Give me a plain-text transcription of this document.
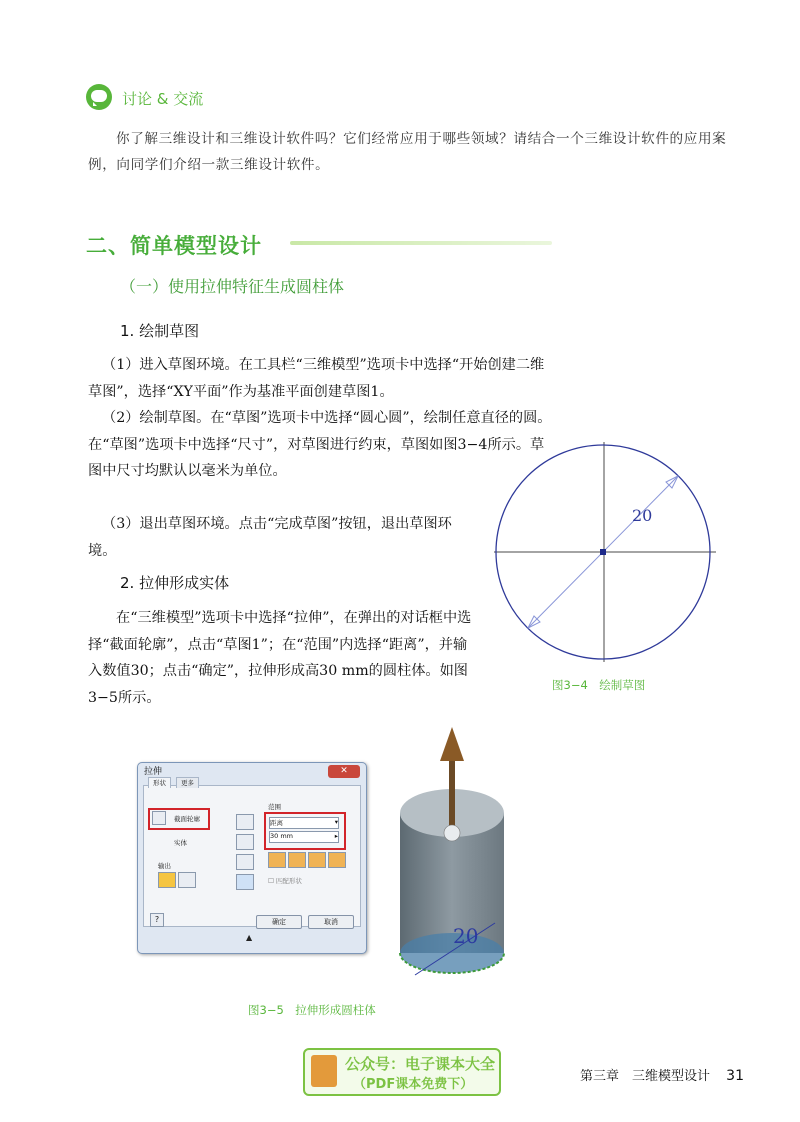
讨论 & 交流
你了解三维设计和三维设计软件吗？它们经常应用于哪些领域？请结合一个三维设计软件的应用案例，向同学们介绍一款三维设计软件。
二、简单模型设计
（一）使用拉伸特征生成圆柱体
1. 绘制草图
（1）进入草图环境。在工具栏“三维模型”选项卡中选择“开始创建二维草图”，选择“XY平面”作为基准平面创建草图1。
（2）绘制草图。在“草图”选项卡中选择“圆心圆”，绘制任意直径的圆。在“草图”选项卡中选择“尺寸”，对草图进行约束，草图如图3−4所示。草图中尺寸均默认以毫米为单位。
（3）退出草图环境。点击“完成草图”按钮，退出草图环境。
2. 拉伸形成实体
在“三维模型”选项卡中选择“拉伸”，在弹出的对话框中选择“截面轮廓”，点击“草图1”；在“范围”内选择“距离”，并输入数值30；点击“确定”，拉伸形成高30 mm的圆柱体。如图3−5所示。
20
图3−4　绘制草图
拉伸	✕
形状	更多
截面轮廓
实体
输出
范围
距离	▾
30 mm	▸
☐ 匹配形状
?	确定	取消
▲	20
图3−5　拉伸形成圆柱体
公众号：电子课本大全
（PDF课本免费下）
第三章　三维模型设计 31
